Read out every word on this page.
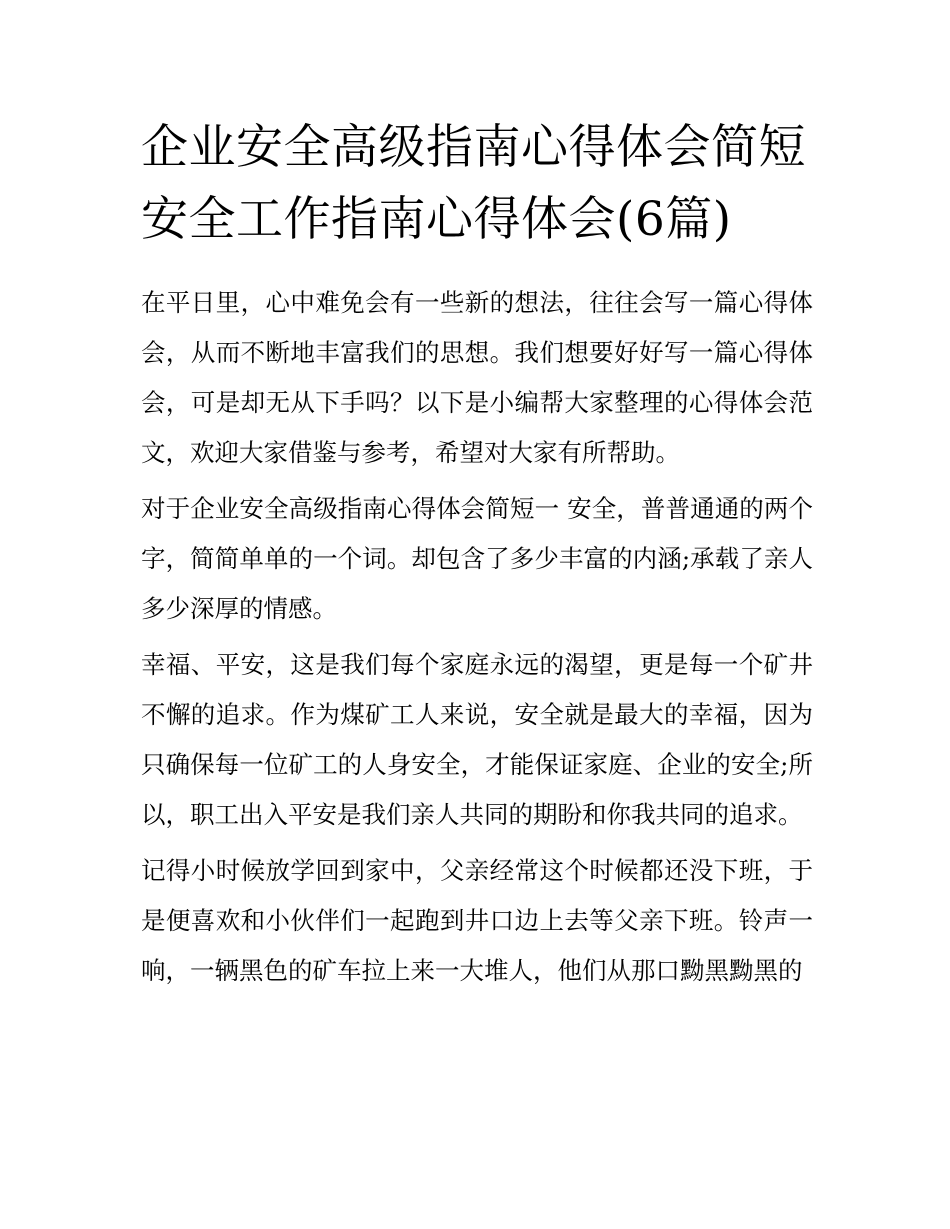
企业安全高级指南心得体会简短 安全工作指南心得体会(6篇)

在平日里，心中难免会有一些新的想法，往往会写一篇心得体会，从而不断地丰富我们的思想。我们想要好好写一篇心得体会，可是却无从下手吗？以下是小编帮大家整理的心得体会范文，欢迎大家借鉴与参考，希望对大家有所帮助。

对于企业安全高级指南心得体会简短一 安全，普普通通的两个字，简简单单的一个词。却包含了多少丰富的内涵;承载了亲人多少深厚的情感。

幸福、平安，这是我们每个家庭永远的渴望，更是每一个矿井不懈的追求。作为煤矿工人来说，安全就是最大的幸福，因为只确保每一位矿工的人身安全，才能保证家庭、企业的安全;所以，职工出入平安是我们亲人共同的期盼和你我共同的追求。

记得小时候放学回到家中，父亲经常这个时候都还没下班，于是便喜欢和小伙伴们一起跑到井口边上去等父亲下班。铃声一响，一辆黑色的矿车拉上来一大堆人，他们从那口黝黑黝黑的
